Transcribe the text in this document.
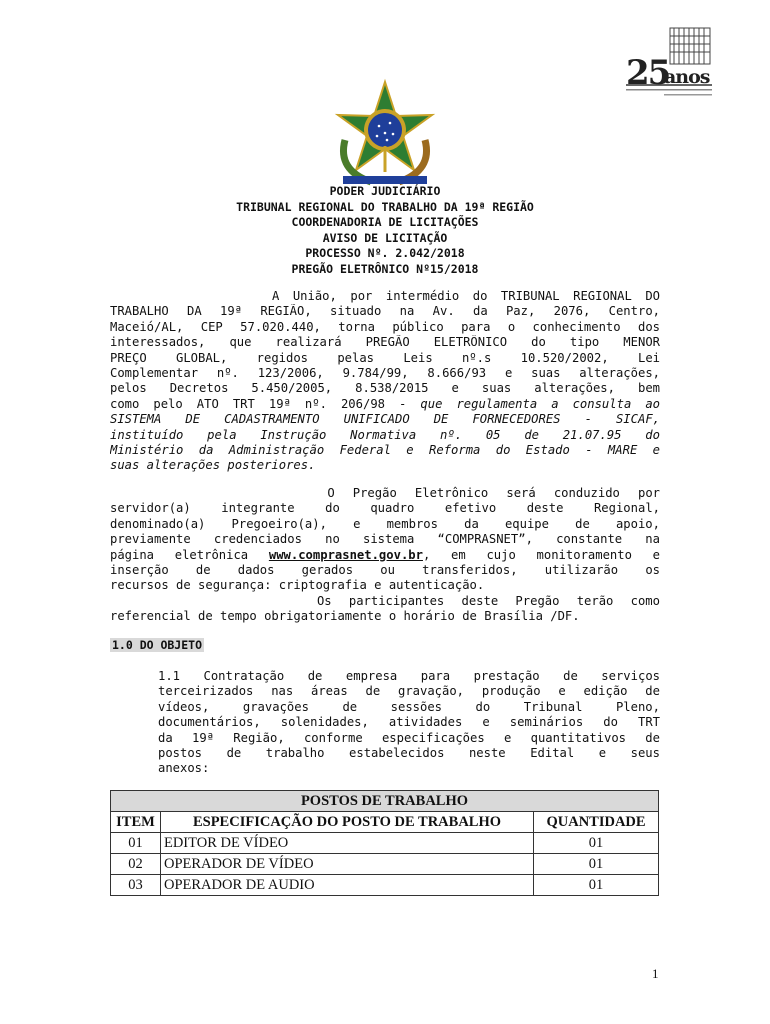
25
anos
PODER JUDICIÁRIO
TRIBUNAL REGIONAL DO TRABALHO DA 19ª REGIÃO
COORDENADORIA DE LICITAÇÕES
AVISO DE LICITAÇÃO
PROCESSO Nº. 2.042/2018
PREGÃO ELETRÔNICO Nº15/2018
A União, por intermédio do TRIBUNAL REGIONAL DO
TRABALHO DA 19ª REGIÃO, situado na Av. da Paz, 2076, Centro,
Maceió/AL, CEP 57.020.440, torna público para o conhecimento dos
interessados, que realizará PREGÃO ELETRÔNICO do tipo MENOR
PREÇO GLOBAL, regidos pelas Leis nº.s 10.520/2002, Lei
Complementar nº. 123/2006, 9.784/99, 8.666/93 e suas alterações,
pelos Decretos 5.450/2005, 8.538/2015 e suas alterações, bem
como pelo ATO TRT 19ª nº. 206/98 - que regulamenta a consulta ao
SISTEMA DE CADASTRAMENTO UNIFICADO DE FORNECEDORES - SICAF,
instituído pela Instrução Normativa nº. 05 de 21.07.95 do
Ministério da Administração Federal e Reforma do Estado - MARE e
suas alterações posteriores.
O Pregão Eletrônico será conduzido por
servidor(a) integrante do quadro efetivo deste Regional,
denominado(a) Pregoeiro(a), e membros da equipe de apoio,
previamente credenciados no sistema “COMPRASNET”, constante na
página eletrônica www.comprasnet.gov.br, em cujo monitoramento e
inserção de dados gerados ou transferidos, utilizarão os
recursos de segurança: criptografia e autenticação.
Os participantes deste Pregão terão como
referencial de tempo obrigatoriamente o horário de Brasília /DF.
1.0 DO OBJETO
1.1 Contratação de empresa para prestação de serviços
terceirizados nas áreas de gravação, produção e edição de
vídeos, gravações de sessões do Tribunal Pleno,
documentários, solenidades, atividades e seminários do TRT
da 19ª Região, conforme especificações e quantitativos de
postos de trabalho estabelecidos neste Edital e seus
anexos:
POSTOS DE TRABALHO		
ITEM	ESPECIFICAÇÃO DO POSTO DE TRABALHO	QUANTIDADE
01	EDITOR DE VÍDEO	01
02	OPERADOR DE VÍDEO	01
03	OPERADOR DE AUDIO	01
1
